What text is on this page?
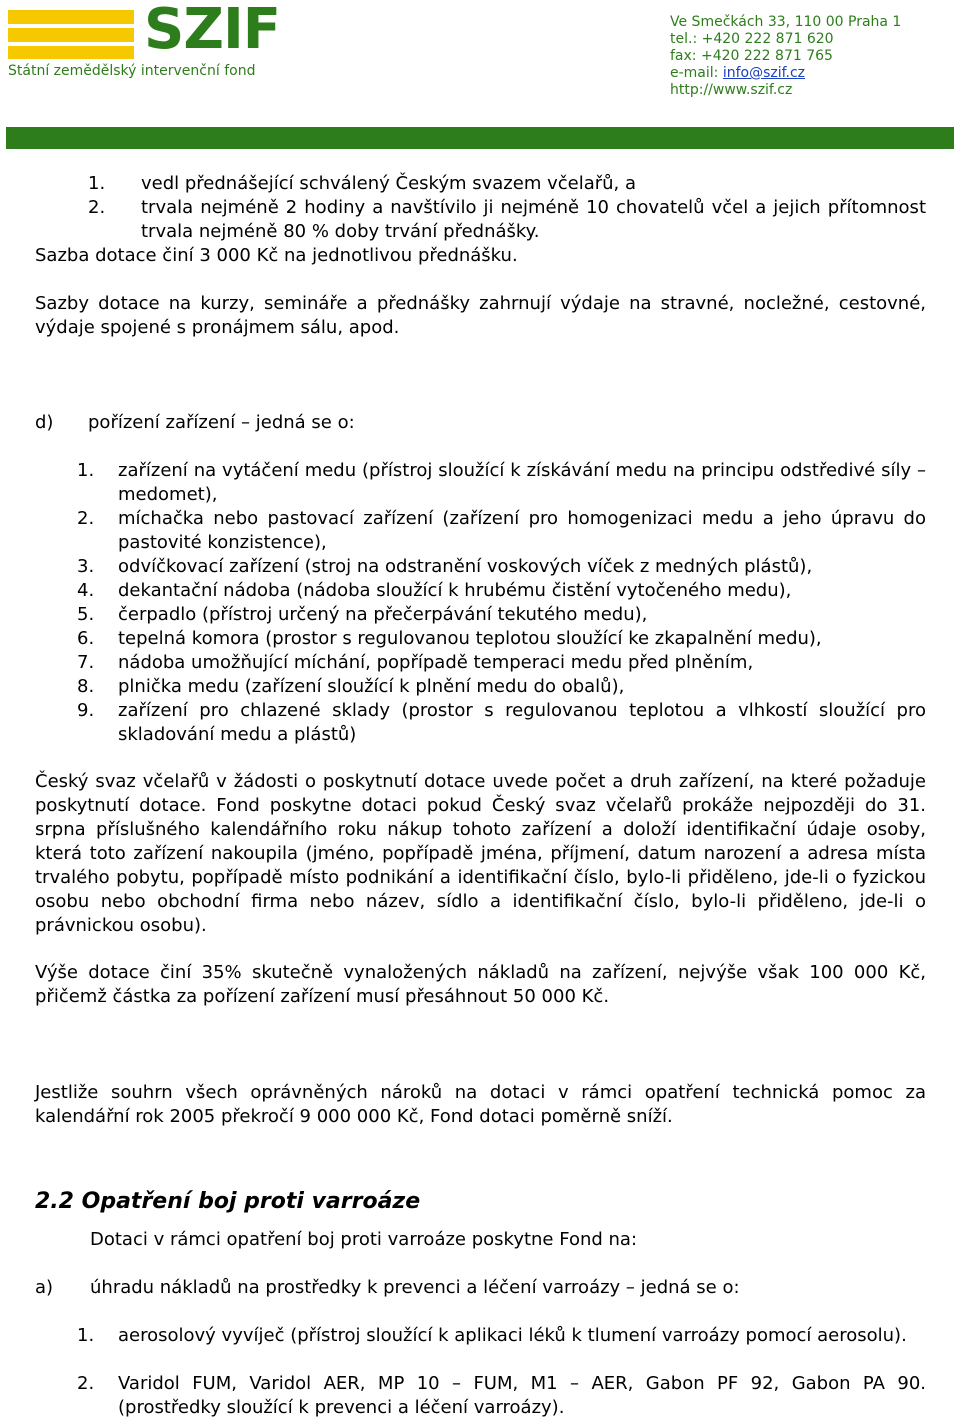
SZIF
Státní zemědělský intervenční fond
Ve Smečkách 33, 110 00 Praha 1
tel.: +420 222 871 620
fax: +420 222 871 765
e-mail: info@szif.cz
http://www.szif.cz
1. vedl přednášející schválený Českým svazem včelařů, a
2. trvala nejméně 2 hodiny a navštívilo ji nejméně 10 chovatelů včel a jejich přítomnost trvala nejméně 80 % doby trvání přednášky.

Sazba dotace činí 3 000 Kč na jednotlivou přednášku.

Sazby dotace na kurzy, semináře a přednášky zahrnují výdaje na stravné, nocležné, cestovné, výdaje spojené s pronájmem sálu, apod.

d) pořízení zařízení – jedná se o:
1. zařízení na vytáčení medu (přístroj sloužící k získávání medu na principu odstředivé síly – medomet),
2. míchačka nebo pastovací zařízení (zařízení pro homogenizaci medu a jeho úpravu do pastovité konzistence),
3. odvíčkovací zařízení (stroj na odstranění voskových víček z medných plástů),
4. dekantační nádoba (nádoba sloužící k hrubému čistění vytočeného medu),
5. čerpadlo (přístroj určený na přečerpávání tekutého medu),
6. tepelná komora (prostor s regulovanou teplotou sloužící ke zkapalnění medu),
7. nádoba umožňující míchání, popřípadě temperaci medu před plněním,
8. plnička medu (zařízení sloužící k plnění medu do obalů),
9. zařízení pro chlazené sklady (prostor s regulovanou teplotou a vlhkostí sloužící pro skladování medu a plástů)

Český svaz včelařů v žádosti o poskytnutí dotace uvede počet a druh zařízení, na které požaduje poskytnutí dotace. Fond poskytne dotaci pokud Český svaz včelařů prokáže nejpozději do 31. srpna příslušného kalendářního roku nákup tohoto zařízení a doloží identifikační údaje osoby, která toto zařízení nakoupila (jméno, popřípadě jména, příjmení, datum narození a adresa místa trvalého pobytu, popřípadě místo podnikání a identifikační číslo, bylo-li přiděleno, jde-li o fyzickou osobu nebo obchodní firma nebo název, sídlo a identifikační číslo, bylo-li přiděleno, jde-li o právnickou osobu).

Výše dotace činí 35% skutečně vynaložených nákladů na zařízení, nejvýše však 100 000 Kč, přičemž částka za pořízení zařízení musí přesáhnout 50 000 Kč.

Jestliže souhrn všech oprávněných nároků na dotaci v rámci opatření technická pomoc za kalendářní rok 2005 překročí 9 000 000 Kč, Fond dotaci poměrně sníží.

2.2 Opatření boj proti varroáze

Dotaci v rámci opatření boj proti varroáze poskytne Fond na:

a) úhradu nákladů na prostředky k prevenci a léčení varroázy – jedná se o:
1. aerosolový vyvíječ (přístroj sloužící k aplikaci léků k tlumení varroázy pomocí aerosolu).
2. Varidol FUM, Varidol AER, MP 10 – FUM, M1 – AER, Gabon PF 92, Gabon PA 90. (prostředky sloužící k prevenci a léčení varroázy).
